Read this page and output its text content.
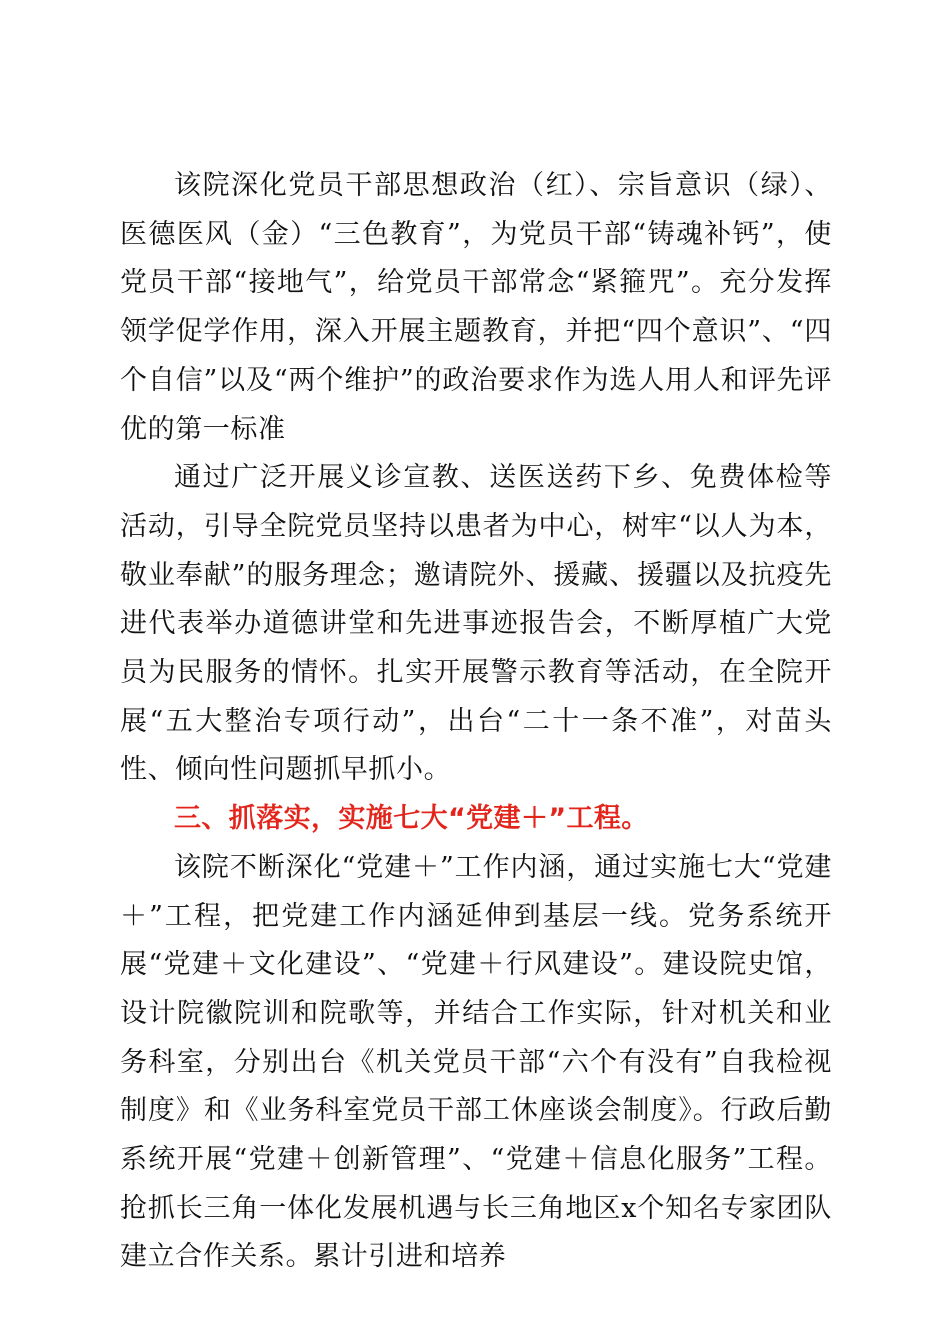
该院深化党员干部思想政治（红）、宗旨意识（绿）、医德医风（金）“三色教育”，为党员干部“铸魂补钙”，使党员干部“接地气”，给党员干部常念“紧箍咒”。充分发挥领学促学作用，深入开展主题教育，并把“四个意识”、“四个自信”以及“两个维护”的政治要求作为选人用人和评先评优的第一标准

通过广泛开展义诊宣教、送医送药下乡、免费体检等活动，引导全院党员坚持以患者为中心，树牢“以人为本，敬业奉献”的服务理念；邀请院外、援藏、援疆以及抗疫先进代表举办道德讲堂和先进事迹报告会，不断厚植广大党员为民服务的情怀。扎实开展警示教育等活动，在全院开展“五大整治专项行动”，出台“二十一条不准”，对苗头性、倾向性问题抓早抓小。

三、抓落实，实施七大“党建＋”工程。

该院不断深化“党建＋”工作内涵，通过实施七大“党建＋”工程，把党建工作内涵延伸到基层一线。党务系统开展“党建＋文化建设”、“党建＋行风建设”。建设院史馆，设计院徽院训和院歌等，并结合工作实际，针对机关和业务科室，分别出台《机关党员干部“六个有没有”自我检视制度》和《业务科室党员干部工休座谈会制度》。行政后勤系统开展“党建＋创新管理”、“党建＋信息化服务”工程。抢抓长三角一体化发展机遇与长三角地区x个知名专家团队建立合作关系。累计引进和培养
